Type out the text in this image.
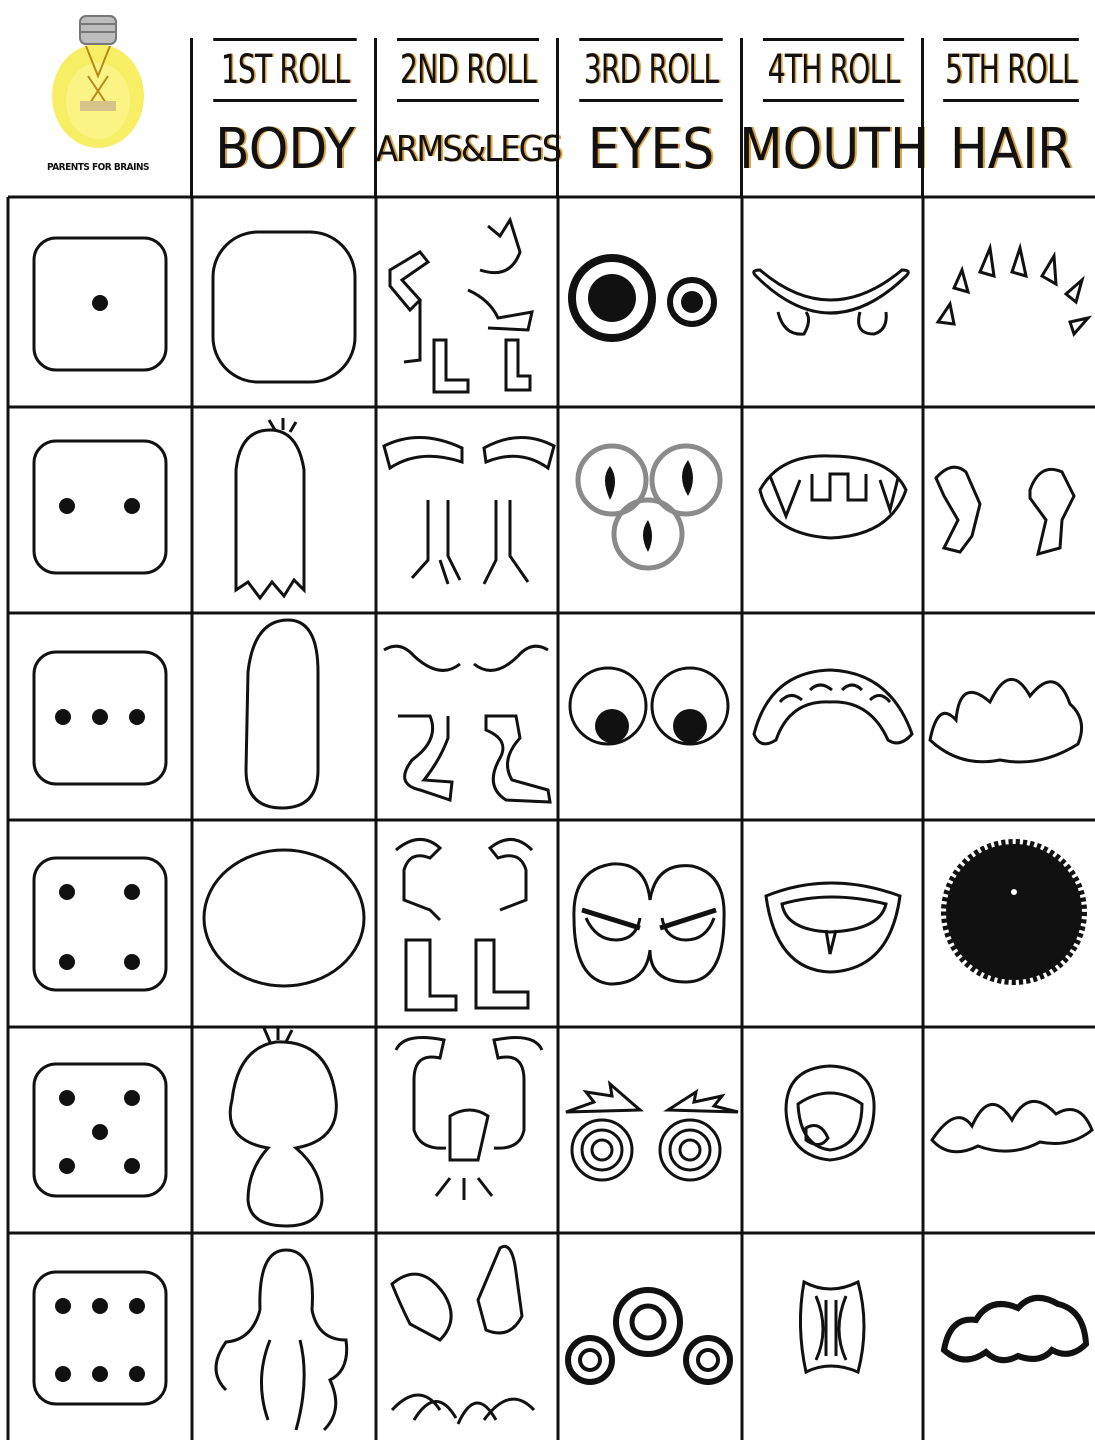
PARENTS FOR BRAINS
1ST ROLL
BODY
2ND ROLL
ARMS&LEGS
3RD ROLL
EYES
4TH ROLL
MOUTH
5TH ROLL
HAIR
